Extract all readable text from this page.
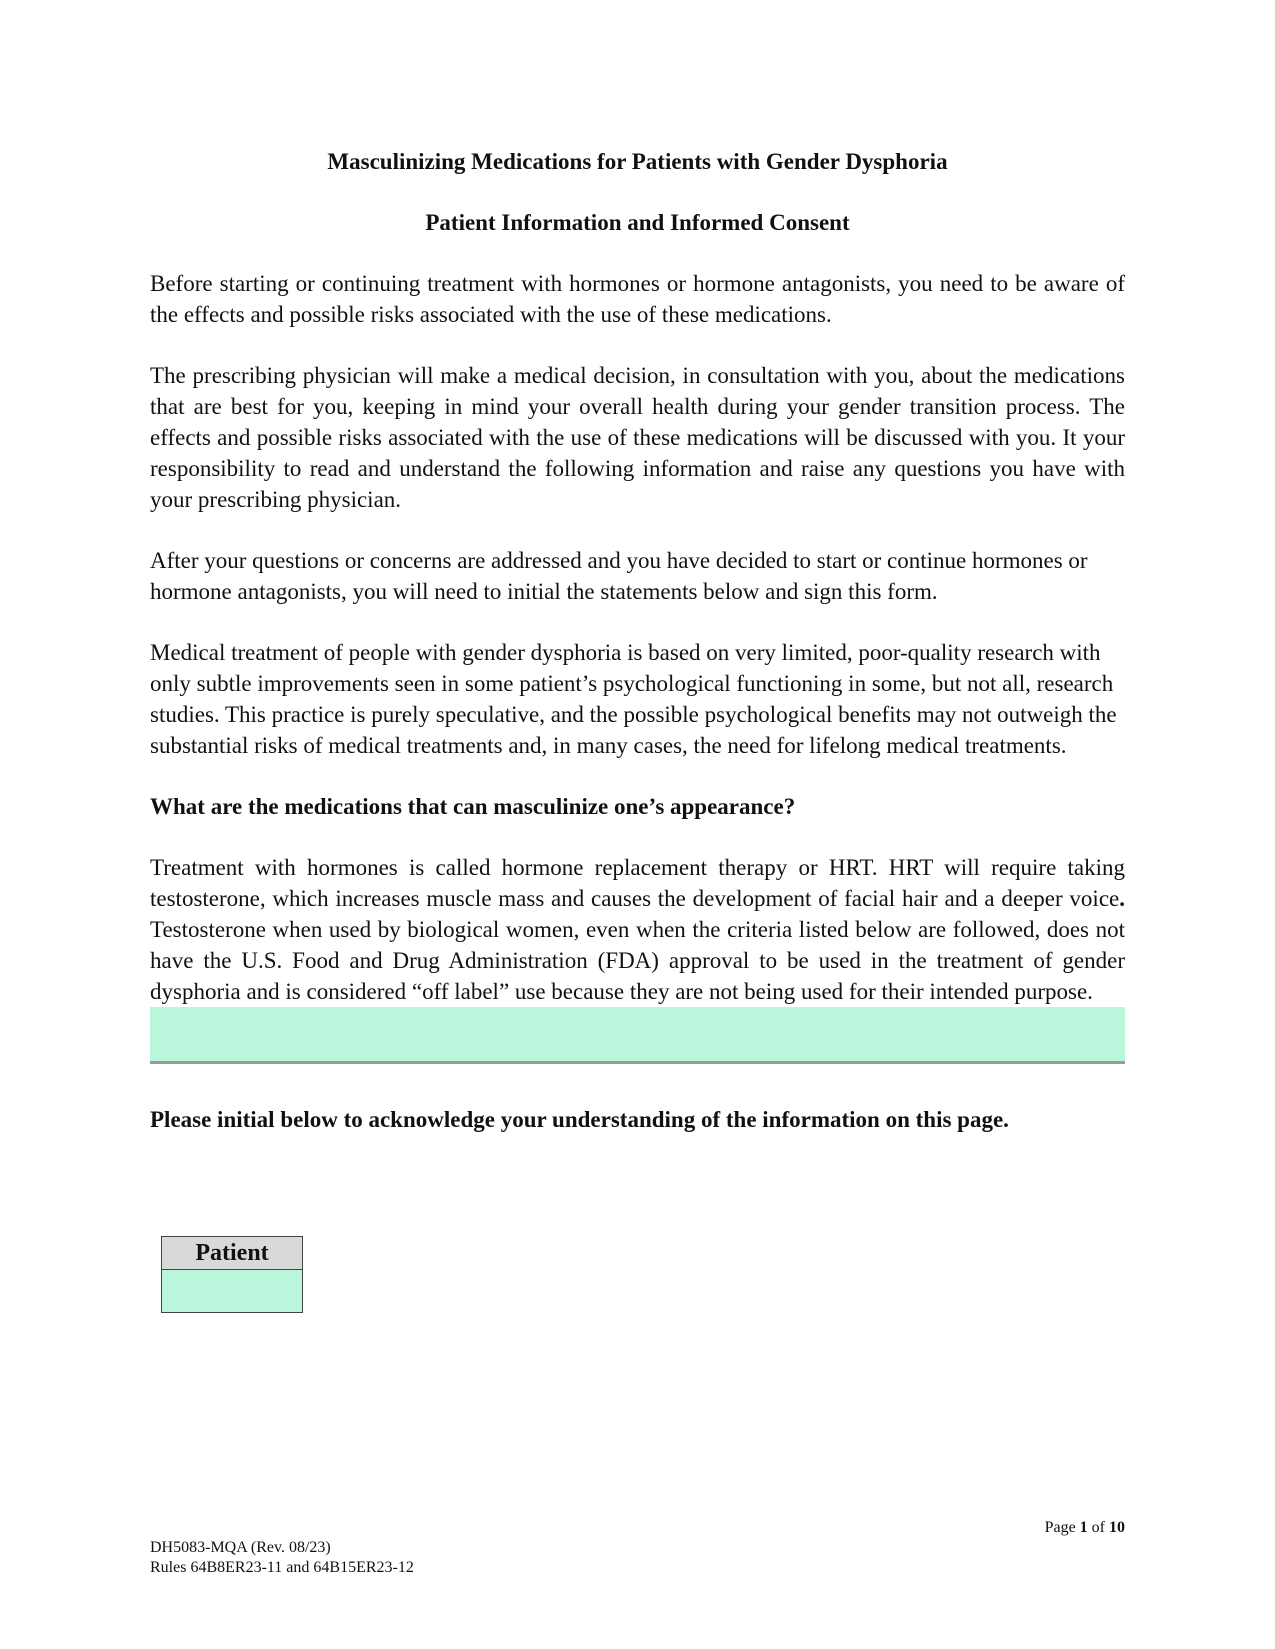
Masculinizing Medications for Patients with Gender Dysphoria

Patient Information and Informed Consent

Before starting or continuing treatment with hormones or hormone antagonists, you need to be aware of the effects and possible risks associated with the use of these medications.

The prescribing physician will make a medical decision, in consultation with you, about the medications that are best for you, keeping in mind your overall health during your gender transition process. The effects and possible risks associated with the use of these medications will be discussed with you. It your responsibility to read and understand the following information and raise any questions you have with your prescribing physician.

After your questions or concerns are addressed and you have decided to start or continue hormones or hormone antagonists, you will need to initial the statements below and sign this form.

Medical treatment of people with gender dysphoria is based on very limited, poor-quality research with only subtle improvements seen in some patient’s psychological functioning in some, but not all, research studies. This practice is purely speculative, and the possible psychological benefits may not outweigh the substantial risks of medical treatments and, in many cases, the need for lifelong medical treatments.

What are the medications that can masculinize one’s appearance?

Treatment with hormones is called hormone replacement therapy or HRT. HRT will require taking testosterone, which increases muscle mass and causes the development of facial hair and a deeper voice. Testosterone when used by biological women, even when the criteria listed below are followed, does not have the U.S. Food and Drug Administration (FDA) approval to be used in the treatment of gender dysphoria and is considered “off label” use because they are not being used for their intended purpose.

Please initial below to acknowledge your understanding of the information on this page.

Patient
Page 1 of 10
DH5083-MQA (Rev. 08/23)
Rules 64B8ER23-11 and 64B15ER23-12
